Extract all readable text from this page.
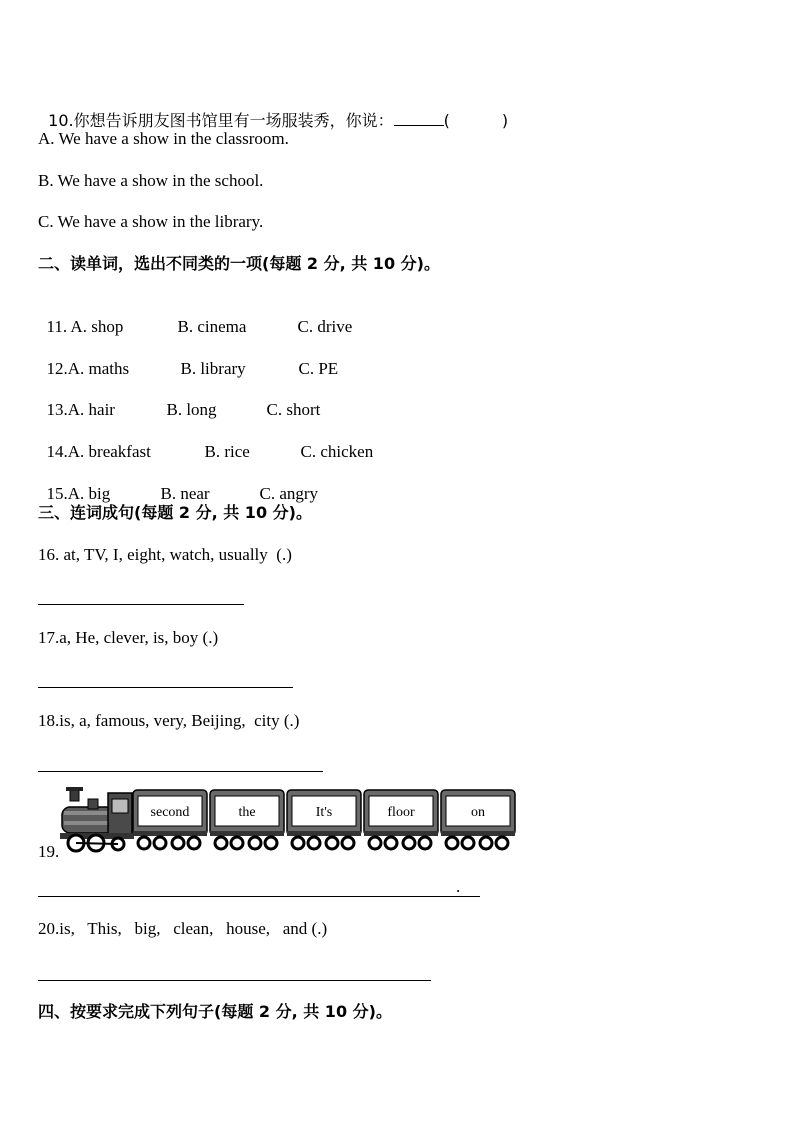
10.你想告诉朋友图书馆里有一场服装秀，你说：	(	)

A. We have a show in the classroom.
B. We have a show in the school.
C. We have a show in the library.
二、读单词，选出不同类的一项(每题 2 分, 共 10 分)。

11. A. shop	B. cinema	C. drive

12.A. maths	B. library	C. PE

13.A. hair	B. long	C. short

14.A. breakfast	B. rice	C. chicken

15.A. big	B. near	C. angry

三、连词成句(每题 2 分, 共 10 分)。
16. at, TV, I, eight, watch, usually  (.)
17.a, He, clever, is, boy (.)
18.is, a, famous, very, Beijing,  city (.)
19.
second	the	It's	floor	on
.
20.is,   This,   big,   clean,   house,   and (.)
四、按要求完成下列句子(每题 2 分, 共 10 分)。
